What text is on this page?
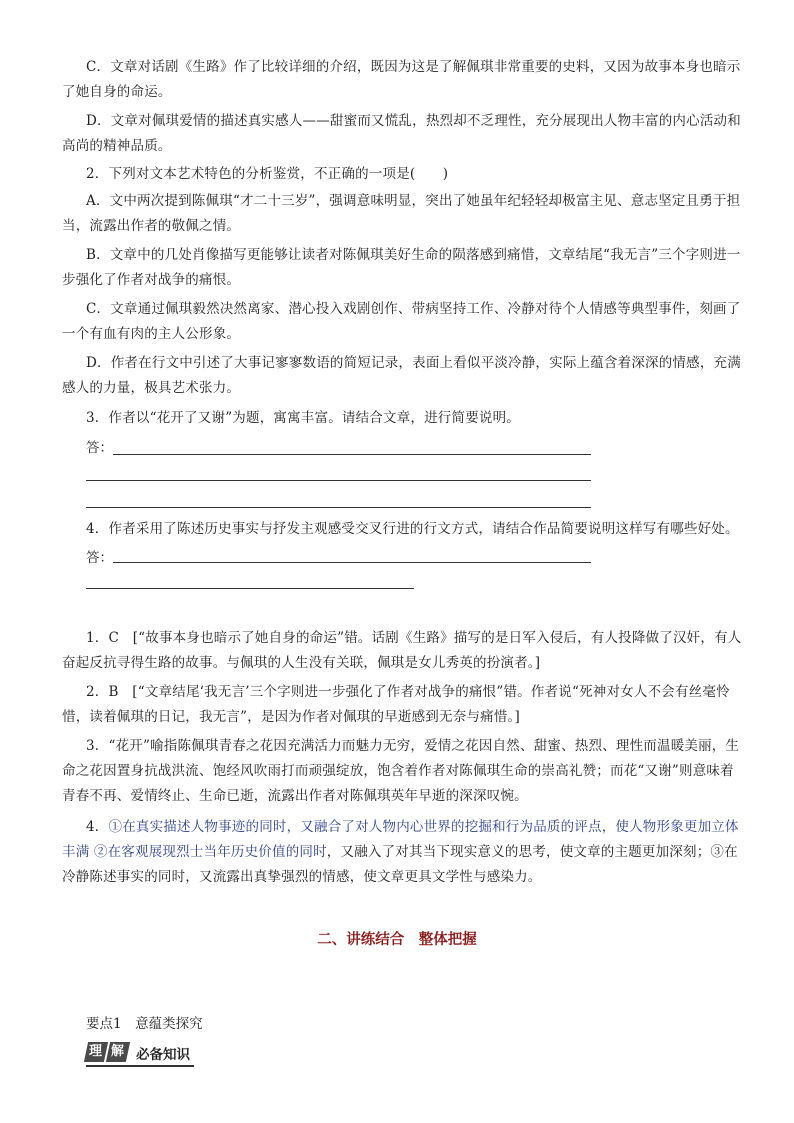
C．文章对话剧《生路》作了比较详细的介绍，既因为这是了解佩琪非常重要的史料，又因为故事本身也暗示了她自身的命运。

D．文章对佩琪爱情的描述真实感人——甜蜜而又慌乱，热烈却不乏理性，充分展现出人物丰富的内心活动和高尚的精神品质。

2．下列对文本艺术特色的分析鉴赏，不正确的一项是(　　)

A．文中两次提到陈佩琪“才二十三岁”，强调意味明显，突出了她虽年纪轻轻却极富主见、意志坚定且勇于担当，流露出作者的敬佩之情。

B．文章中的几处肖像描写更能够让读者对陈佩琪美好生命的陨落感到痛惜，文章结尾“我无言”三个字则进一步强化了作者对战争的痛恨。

C．文章通过佩琪毅然决然离家、潜心投入戏剧创作、带病坚持工作、冷静对待个人情感等典型事件，刻画了一个有血有肉的主人公形象。

D．作者在行文中引述了大事记寥寥数语的简短记录，表面上看似平淡冷静，实际上蕴含着深深的情感，充满感人的力量，极具艺术张力。

3．作者以“花开了又谢”为题，寓寓丰富。请结合文章，进行简要说明。

答：

4．作者采用了陈述历史事实与抒发主观感受交叉行进的行文方式，请结合作品简要说明这样写有哪些好处。

答：

1．C　[“故事本身也暗示了她自身的命运”错。话剧《生路》描写的是日军入侵后，有人投降做了汉奸，有人奋起反抗寻得生路的故事。与佩琪的人生没有关联，佩琪是女儿秀英的扮演者。]

2．B　[“文章结尾‘我无言’三个字则进一步强化了作者对战争的痛恨”错。作者说“死神对女人不会有丝毫怜惜，读着佩琪的日记，我无言”，是因为作者对佩琪的早逝感到无奈与痛惜。]

3．“花开”喻指陈佩琪青春之花因充满活力而魅力无穷，爱情之花因自然、甜蜜、热烈、理性而温暖美丽，生命之花因置身抗战洪流、饱经风吹雨打而顽强绽放，饱含着作者对陈佩琪生命的崇高礼赞；而花“又谢”则意味着青春不再、爱情终止、生命已逝，流露出作者对陈佩琪英年早逝的深深叹惋。

4．①在真实描述人物事迹的同时，又融合了对人物内心世界的挖掘和行为品质的评点，使人物形象更加立体丰满 ②在客观展现烈士当年历史价值的同时，又融入了对其当下现实意义的思考，使文章的主题更加深刻；③在冷静陈述事实的同时，又流露出真挚强烈的情感，使文章更具文学性与感染力。

二、讲练结合　整体把握
要点1　意蕴类探究
理 解 必备知识
